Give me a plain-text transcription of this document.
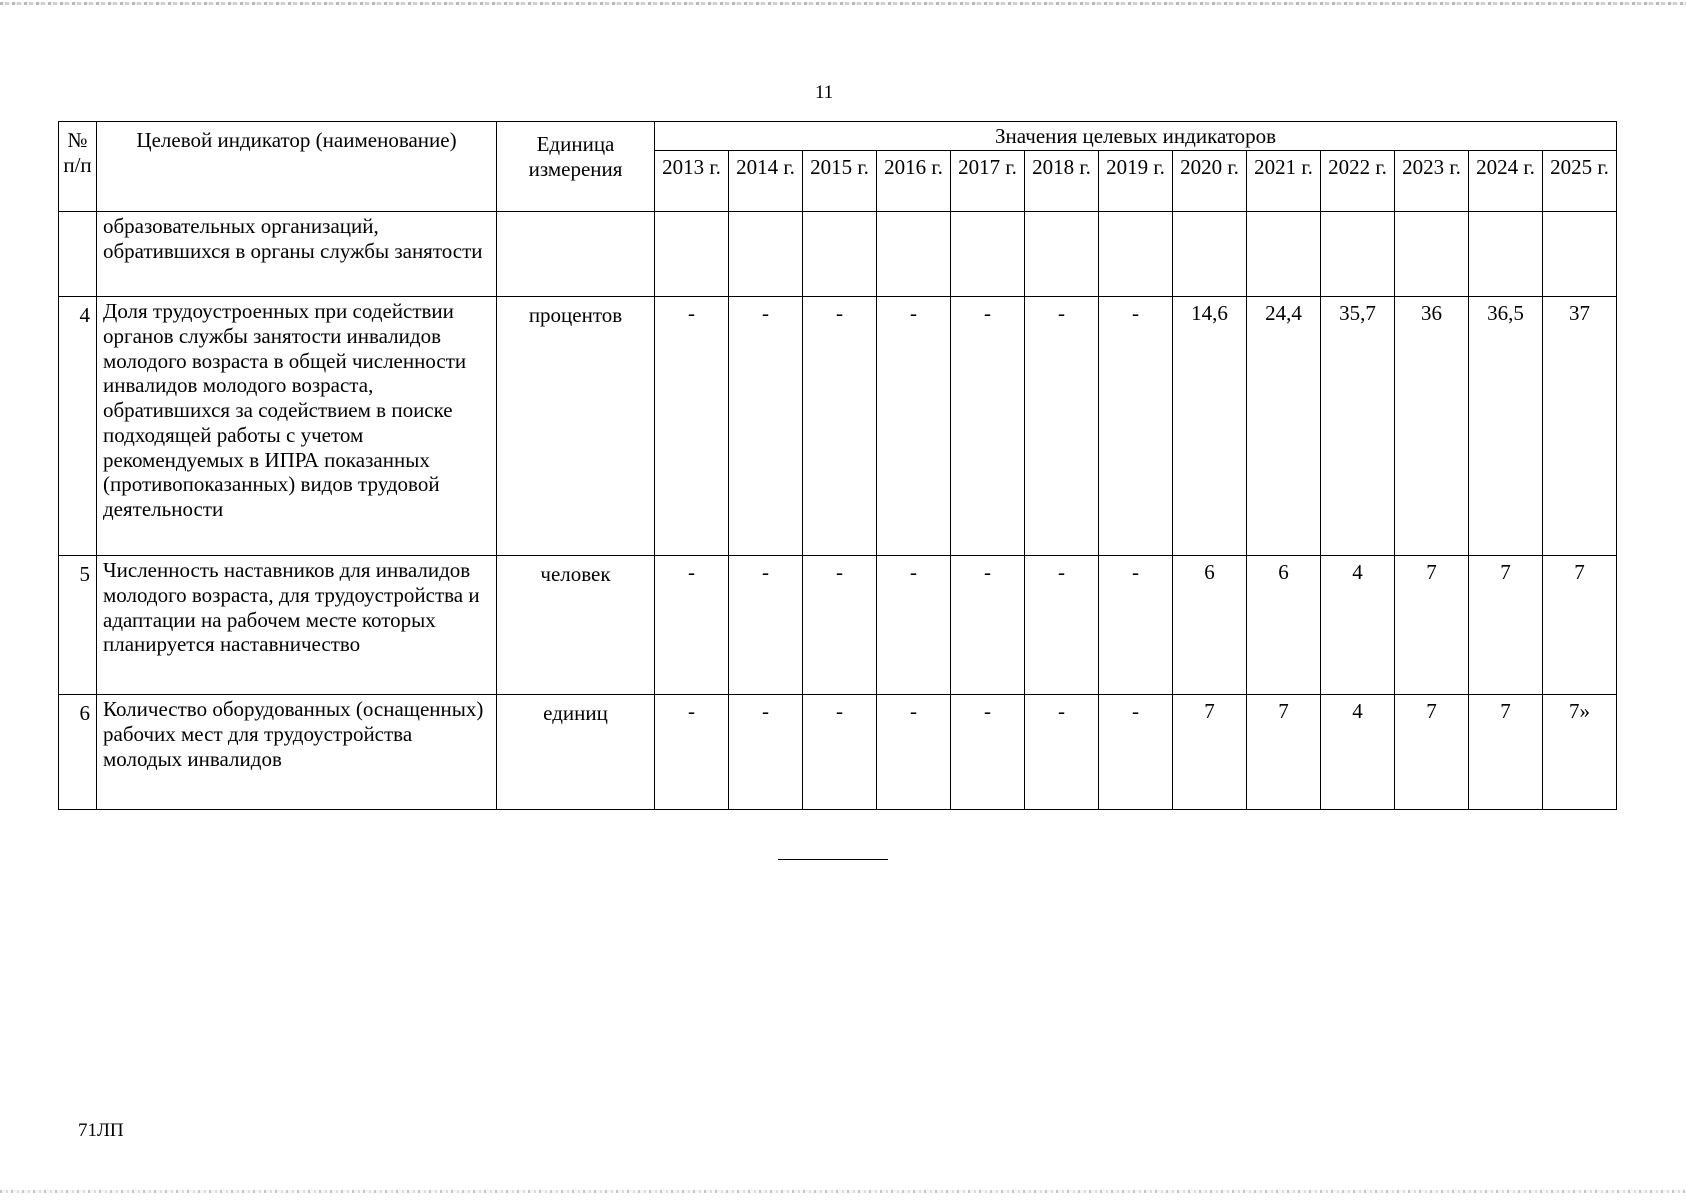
11
№ п/п	Целевой индикатор (наименование)	Единица измерения	Значения целевых индикаторов												
			2013 г.	2014 г.	2015 г.	2016 г.	2017 г.	2018 г.	2019 г.	2020 г.	2021 г.	2022 г.	2023 г.	2024 г.	2025 г.
	образовательных организаций, обратившихся в органы службы занятости														
4	Доля трудоустроенных при содействии органов службы занятости инвалидов молодого возраста в общей численности инвалидов молодого возраста, обратившихся за содействием в поиске подходящей работы с учетом рекомендуемых в ИПРА показанных (противопоказанных) видов трудовой деятельности	процентов	-	-	-	-	-	-	-	14,6	24,4	35,7	36	36,5	37
5	Численность наставников для инвалидов молодого возраста, для трудоустройства и адаптации на рабочем месте которых планируется наставничество	человек	-	-	-	-	-	-	-	6	6	4	7	7	7
6	Количество оборудованных (оснащенных) рабочих мест для трудоустройства молодых инвалидов	единиц	-	-	-	-	-	-	-	7	7	4	7	7	7»
71ЛП
